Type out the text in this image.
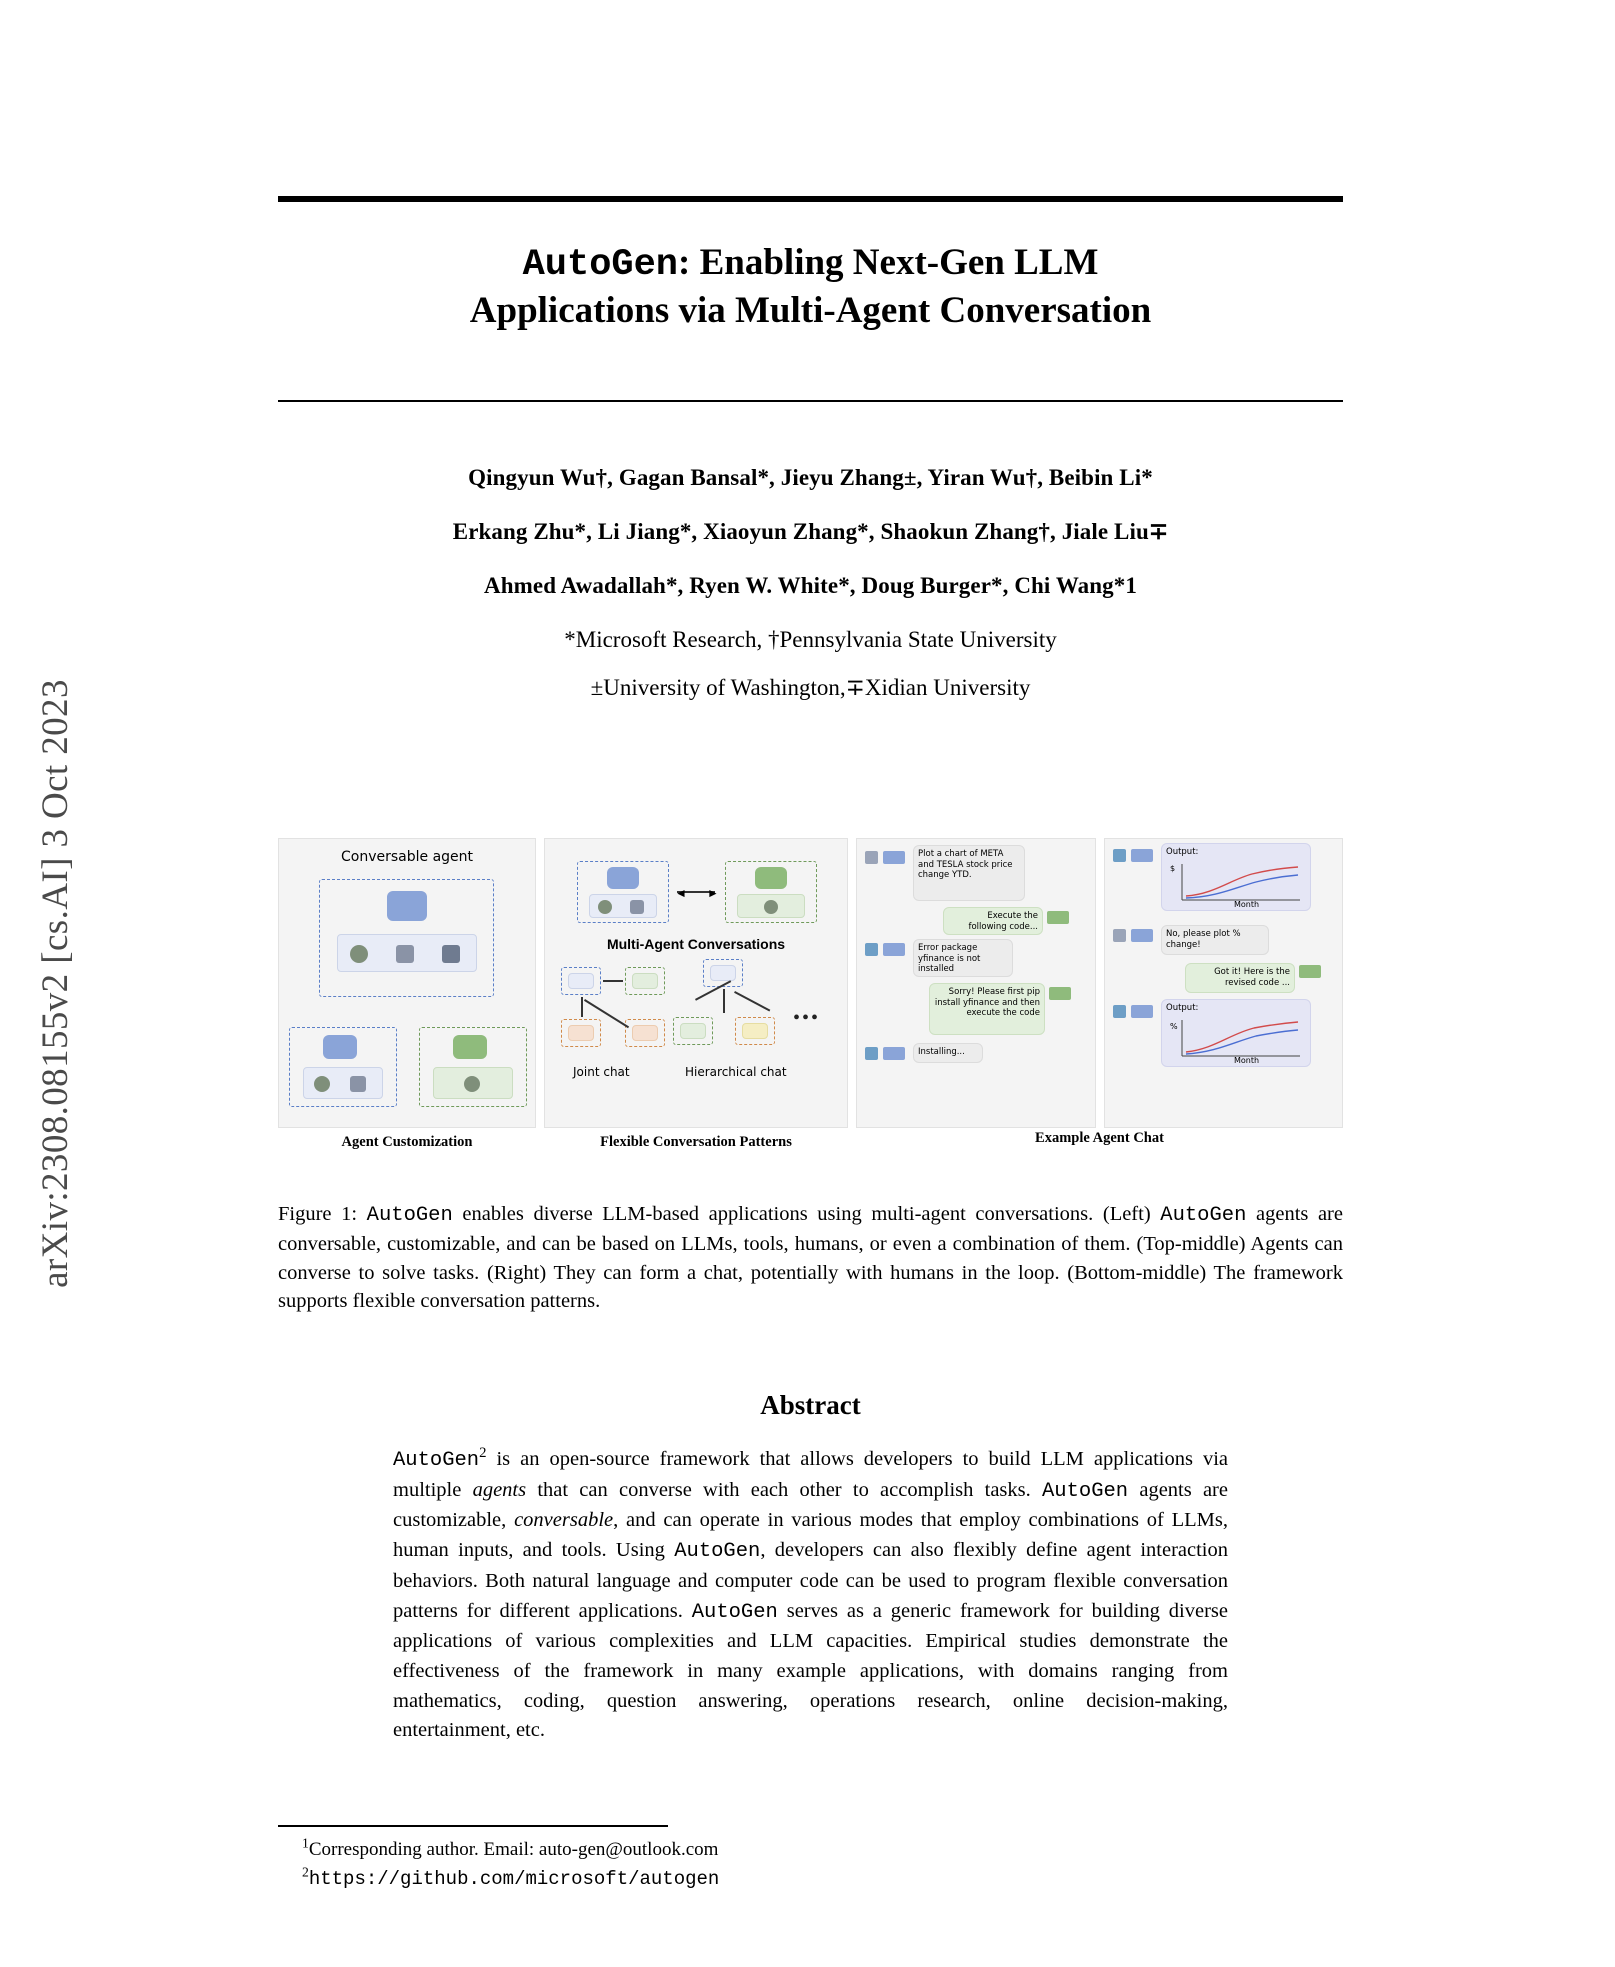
arXiv:2308.08155v2 [cs.AI] 3 Oct 2023
AutoGen: Enabling Next-Gen LLM
Applications via Multi-Agent Conversation
Qingyun Wu†, Gagan Bansal*, Jieyu Zhang±, Yiran Wu†, Beibin Li*
Erkang Zhu*, Li Jiang*, Xiaoyun Zhang*, Shaokun Zhang†, Jiale Liu∓
Ahmed Awadallah*, Ryen W. White*, Doug Burger*, Chi Wang*1
*Microsoft Research, †Pennsylvania State University
±University of Washington,∓Xidian University
Conversable agent
Agent Customization
◄ ►
Multi-Agent Conversations
•••
Joint chat	Hierarchical chat
Flexible Conversation Patterns
Plot a chart of META and TESLA stock price change YTD.
Execute the following code...
Error package yfinance is not installed
Sorry! Please first pip install yfinance and then execute the code
Installing...
Output:
$
Month
No, please plot % change!
Got it! Here is the revised code ...
Output:
%
Month
Example Agent Chat
Figure 1: AutoGen enables diverse LLM-based applications using multi-agent conversations. (Left) AutoGen agents are conversable, customizable, and can be based on LLMs, tools, humans, or even a combination of them. (Top-middle) Agents can converse to solve tasks. (Right) They can form a chat, potentially with humans in the loop. (Bottom-middle) The framework supports flexible conversation patterns.
Abstract
AutoGen$^2$ is an open-source framework that allows developers to build LLM applications via multiple agents that can converse with each other to accomplish tasks. AutoGen agents are customizable, conversable, and can operate in various modes that employ combinations of LLMs, human inputs, and tools. Using AutoGen, developers can also flexibly define agent interaction behaviors. Both natural language and computer code can be used to program flexible conversation patterns for different applications. AutoGen serves as a generic framework for building diverse applications of various complexities and LLM capacities. Empirical studies demonstrate the effectiveness of the framework in many example applications, with domains ranging from mathematics, coding, question answering, operations research, online decision-making, entertainment, etc.
$^1$Corresponding author. Email: auto-gen@outlook.com
$^2$https://github.com/microsoft/autogen
